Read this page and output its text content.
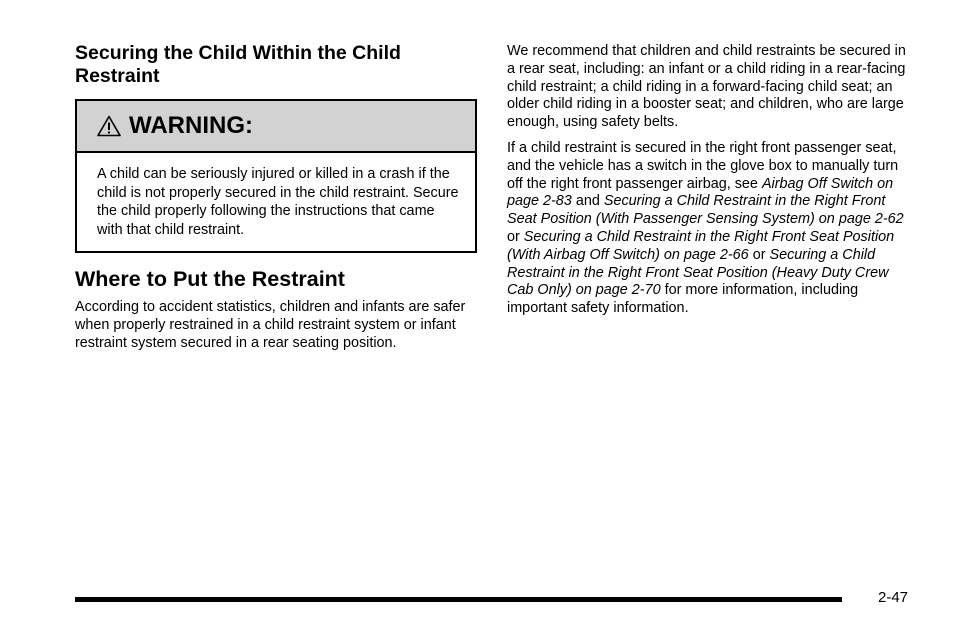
Securing the Child Within the Child Restraint
WARNING:
A child can be seriously injured or killed in a crash if the child is not properly secured in the child restraint. Secure the child properly following the instructions that came with that child restraint.
Where to Put the Restraint

According to accident statistics, children and infants are safer when properly restrained in a child restraint system or infant restraint system secured in a rear seating position.

We recommend that children and child restraints be secured in a rear seat, including: an infant or a child riding in a rear-facing child restraint; a child riding in a forward-facing child seat; an older child riding in a booster seat; and children, who are large enough, using safety belts.

If a child restraint is secured in the right front passenger seat, and the vehicle has a switch in the glove box to manually turn off the right front passenger airbag, see Airbag Off Switch on page 2-83 and Securing a Child Restraint in the Right Front Seat Position (With Passenger Sensing System) on page 2-62 or Securing a Child Restraint in the Right Front Seat Position (With Airbag Off Switch) on page 2-66 or Securing a Child Restraint in the Right Front Seat Position (Heavy Duty Crew Cab Only) on page 2-70 for more information, including important safety information.

2-47
